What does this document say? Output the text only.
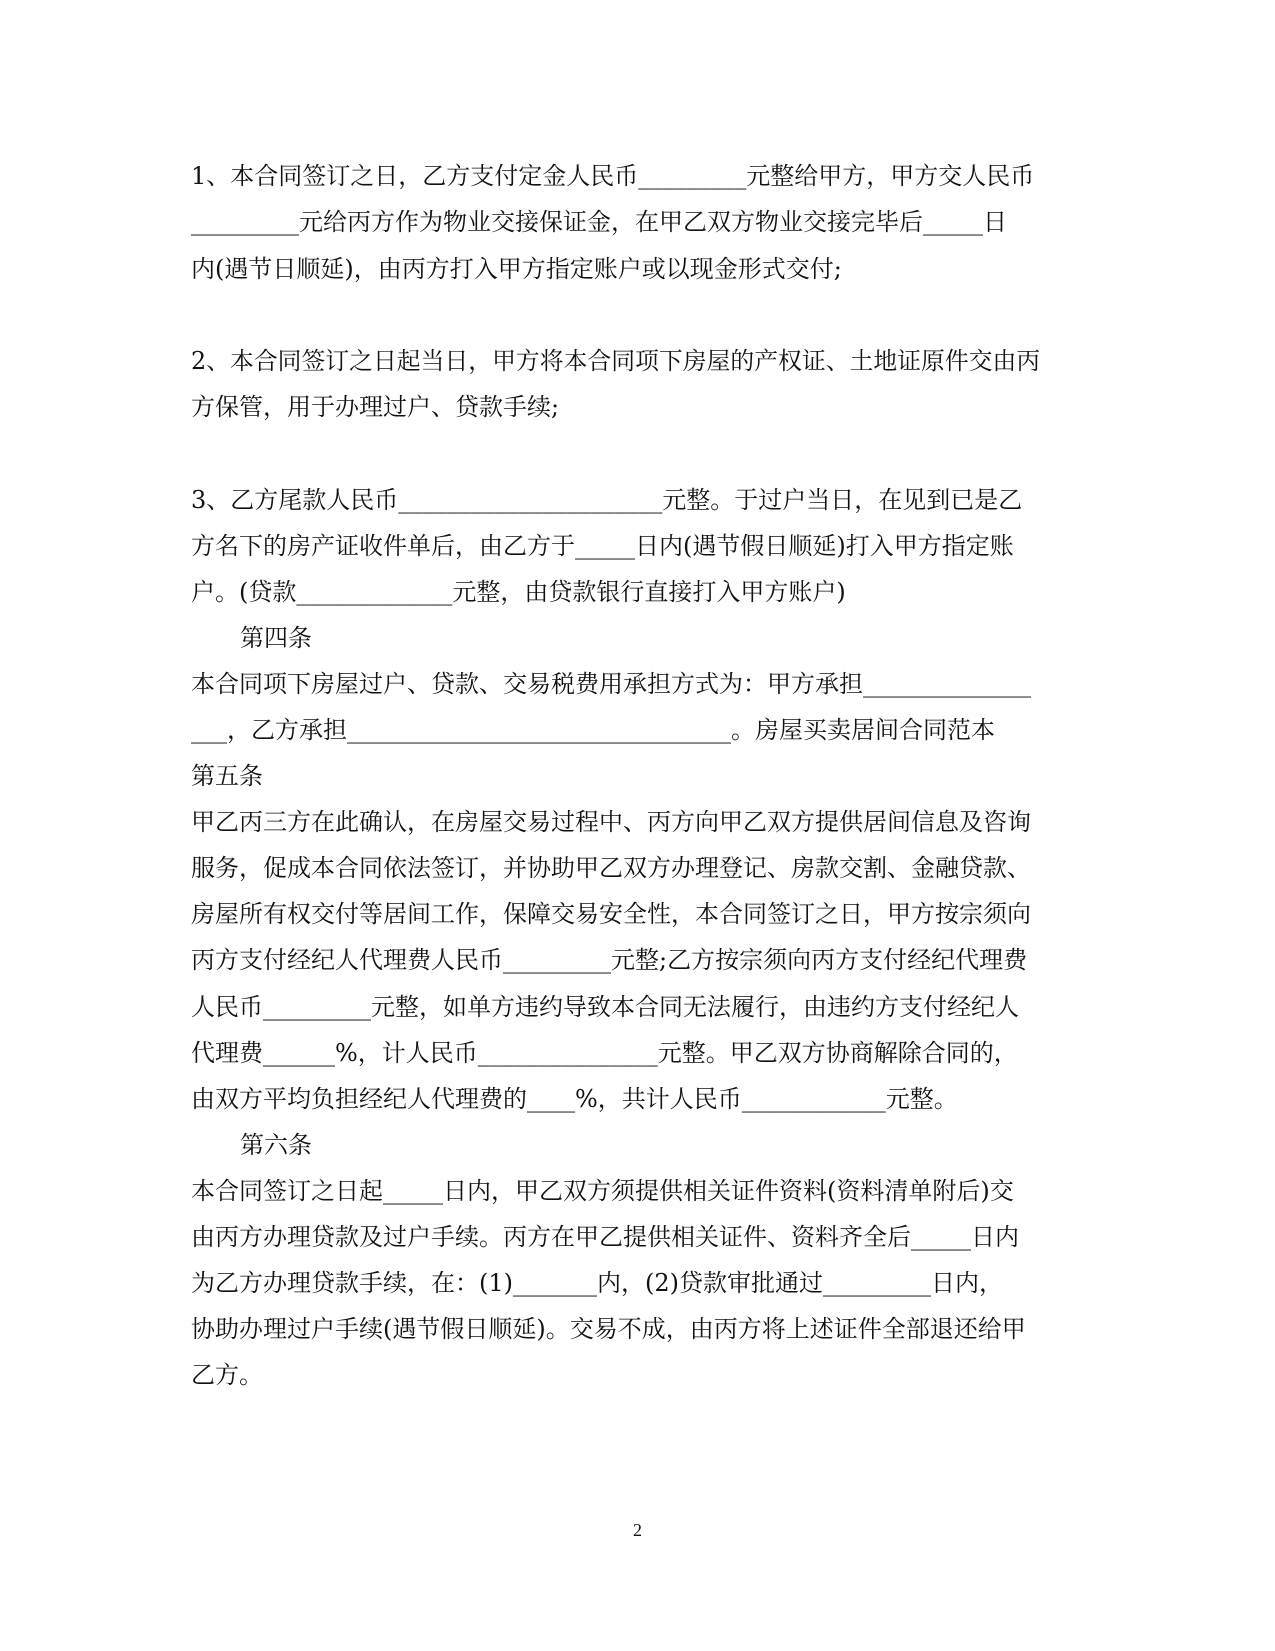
1、本合同签订之日，乙方支付定金人民币_________元整给甲方，甲方交人民币
_________元给丙方作为物业交接保证金，在甲乙双方物业交接完毕后_____日
内(遇节日顺延)，由丙方打入甲方指定账户或以现金形式交付;
2、本合同签订之日起当日，甲方将本合同项下房屋的产权证、土地证原件交由丙
方保管，用于办理过户、贷款手续;
3、乙方尾款人民币______________________元整。于过户当日，在见到已是乙
方名下的房产证收件单后，由乙方于_____日内(遇节假日顺延)打入甲方指定账
户。(贷款_____________元整，由贷款银行直接打入甲方账户)
第四条
本合同项下房屋过户、贷款、交易税费用承担方式为：甲方承担______________
___，乙方承担________________________________。房屋买卖居间合同范本
第五条
甲乙丙三方在此确认，在房屋交易过程中、丙方向甲乙双方提供居间信息及咨询
服务，促成本合同依法签订，并协助甲乙双方办理登记、房款交割、金融贷款、
房屋所有权交付等居间工作，保障交易安全性，本合同签订之日，甲方按宗须向
丙方支付经纪人代理费人民币_________元整;乙方按宗须向丙方支付经纪代理费
人民币_________元整，如单方违约导致本合同无法履行，由违约方支付经纪人
代理费______%，计人民币_______________元整。甲乙双方协商解除合同的，
由双方平均负担经纪人代理费的____%，共计人民币____________元整。
第六条
本合同签订之日起_____日内，甲乙双方须提供相关证件资料(资料清单附后)交
由丙方办理贷款及过户手续。丙方在甲乙提供相关证件、资料齐全后_____日内
为乙方办理贷款手续，在：(1)_______内，(2)贷款审批通过_________日内，
协助办理过户手续(遇节假日顺延)。交易不成，由丙方将上述证件全部退还给甲
乙方。
2
